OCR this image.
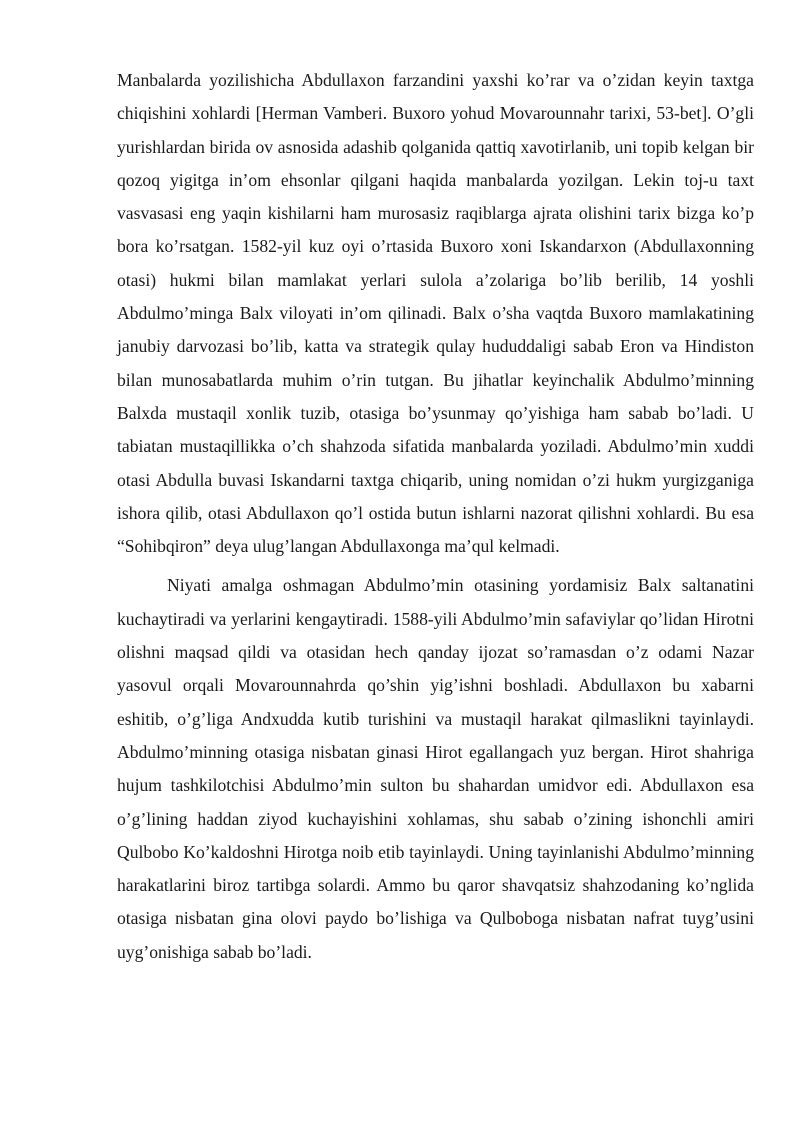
Manbalarda yozilishicha Abdullaxon farzandini yaxshi ko’rar va o’zidan keyin taxtga chiqishini xohlardi [Herman Vamberi. Buxoro yohud Movarounnahr tarixi, 53-bet]. O’gli yurishlardan birida ov asnosida adashib qolganida qattiq xavotirlanib, uni topib kelgan bir qozoq yigitga in’om ehsonlar qilgani haqida manbalarda yozilgan. Lekin toj-u taxt vasvasasi eng yaqin kishilarni ham murosasiz raqiblarga ajrata olishini tarix bizga ko’p bora ko’rsatgan. 1582-yil kuz oyi o’rtasida Buxoro xoni Iskandarxon (Abdullaxonning otasi) hukmi bilan mamlakat yerlari sulola a’zolariga bo’lib berilib, 14 yoshli Abdulmo’minga Balx viloyati in’om qilinadi. Balx o’sha vaqtda Buxoro mamlakatining janubiy darvozasi bo’lib, katta va strategik qulay hududdaligi sabab Eron va Hindiston bilan munosabatlarda muhim o’rin tutgan. Bu jihatlar keyinchalik Abdulmo’minning Balxda mustaqil xonlik tuzib, otasiga bo’ysunmay qo’yishiga ham sabab bo’ladi. U tabiatan mustaqillikka o’ch shahzoda sifatida manbalarda yoziladi. Abdulmo’min xuddi otasi Abdulla buvasi Iskandarni taxtga chiqarib, uning nomidan o’zi hukm yurgizganiga ishora qilib, otasi Abdullaxon qo’l ostida butun ishlarni nazorat qilishni xohlardi. Bu esa “Sohibqiron” deya ulug’langan Abdullaxonga ma’qul kelmadi.

Niyati amalga oshmagan Abdulmo’min otasining yordamisiz Balx saltanatini kuchaytiradi va yerlarini kengaytiradi. 1588-yili Abdulmo’min safaviylar qo’lidan Hirotni olishni maqsad qildi va otasidan hech qanday ijozat so’ramasdan o’z odami Nazar yasovul orqali Movarounnahrda qo’shin yig’ishni boshladi. Abdullaxon bu xabarni eshitib, o’g’liga Andxudda kutib turishini va mustaqil harakat qilmaslikni tayinlaydi. Abdulmo’minning otasiga nisbatan ginasi Hirot egallangach yuz bergan. Hirot shahriga hujum tashkilotchisi Abdulmo’min sulton bu shahardan umidvor edi. Abdullaxon esa o’g’lining haddan ziyod kuchayishini xohlamas, shu sabab o’zining ishonchli amiri Qulbobo Ko’kaldoshni Hirotga noib etib tayinlaydi. Uning tayinlanishi Abdulmo’minning harakatlarini biroz tartibga solardi. Ammo bu qaror shavqatsiz shahzodaning ko’nglida otasiga nisbatan gina olovi paydo bo’lishiga va Qulboboga nisbatan nafrat tuyg’usini uyg’onishiga sabab bo’ladi.
